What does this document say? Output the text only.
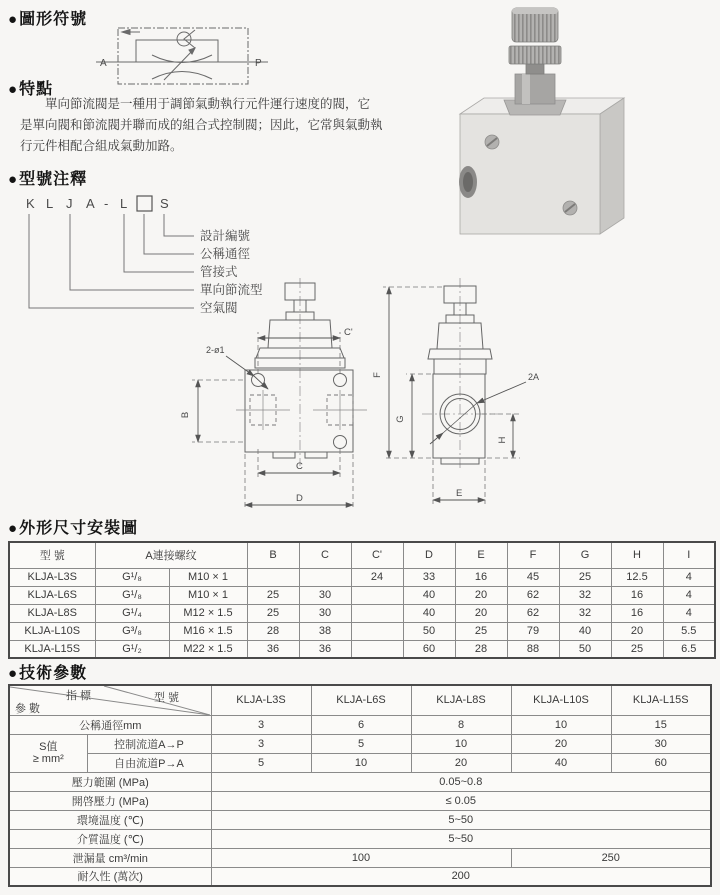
●圖形符號
●特點
●型號注釋
●外形尺寸安裝圖
●技術參數
A	P
單向節流閥是一種用于調節氣動執行元件運行速度的閥，它
是單向閥和節流閥并聯而成的組合式控制閥；因此，它常與氣動執
行元件相配合組成氣動加路。
K L J A - L	S
設計編號
公稱通徑
管接式
單向節流型
空氣閥
C'
C
D
B
2-ø1
F
G
H
E
2A
型 號	A連接螺纹		B	C	C'	D	E	F	G	H	I
KLJA-L3S	G¹/₈	M10 × 1			24	33	16	45	25	12.5	4
KLJA-L6S	G¹/₈	M10 × 1	25	30		40	20	62	32	16	4
KLJA-L8S	G¹/₄	M12 × 1.5	25	30		40	20	62	32	16	4
KLJA-L10S	G³/₈	M16 × 1.5	28	38		50	25	79	40	20	5.5
KLJA-L15S	G¹/₂	M22 × 1.5	36	36		60	28	88	50	25	6.5
		KLJA-L3S	KLJA-L6S	KLJA-L8S	KLJA-L10S	KLJA-L15S
公稱通徑mm		3	6	8	10	15

S值
≥ mm²	控制流道A→P	3	5	10	20	30
	自由流道P→A	5	10	20	40	60
壓力範圍 (MPa)		0.05~0.8				
開啓壓力 (MPa)		≤ 0.05				
環境温度 (℃)		5~50				
介質温度 (℃)		5~50				
泄漏量 cm³/min		100			250	
耐久性 (萬次)		200				
指 標	型 號
參 數
